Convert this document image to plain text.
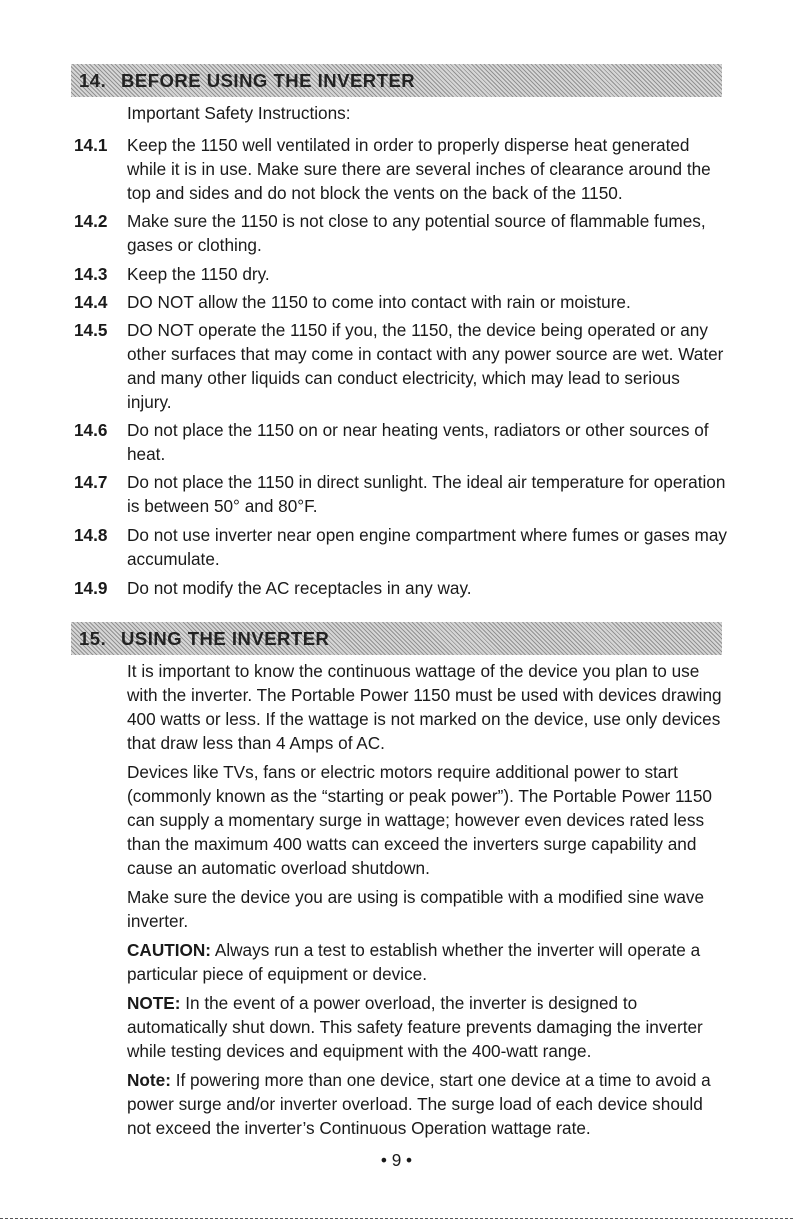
14. BEFORE USING THE INVERTER
Important Safety Instructions:
14.1 Keep the 1150 well ventilated in order to properly disperse heat generated while it is in use. Make sure there are several inches of clearance around the top and sides and do not block the vents on the back of the 1150.
14.2 Make sure the 1150 is not close to any potential source of flammable fumes, gases or clothing.
14.3 Keep the 1150 dry.
14.4 DO NOT allow the 1150 to come into contact with rain or moisture.
14.5 DO NOT operate the 1150 if you, the 1150, the device being operated or any other surfaces that may come in contact with any power source are wet. Water and many other liquids can conduct electricity, which may lead to serious injury.
14.6 Do not place the 1150 on or near heating vents, radiators or other sources of heat.
14.7 Do not place the 1150 in direct sunlight. The ideal air temperature for operation is between 50° and 80°F.
14.8 Do not use inverter near open engine compartment where fumes or gases may accumulate.
14.9 Do not modify the AC receptacles in any way.
15. USING THE INVERTER
It is important to know the continuous wattage of the device you plan to use with the inverter. The Portable Power 1150 must be used with devices drawing 400 watts or less. If the wattage is not marked on the device, use only devices that draw less than 4 Amps of AC.
Devices like TVs, fans or electric motors require additional power to start (commonly known as the “starting or peak power”). The Portable Power 1150 can supply a momentary surge in wattage; however even devices rated less than the maximum 400 watts can exceed the inverters surge capability and cause an automatic overload shutdown.
Make sure the device you are using is compatible with a modified sine wave inverter.
CAUTION: Always run a test to establish whether the inverter will operate a particular piece of equipment or device.
NOTE: In the event of a power overload, the inverter is designed to automatically shut down. This safety feature prevents damaging the inverter while testing devices and equipment with the 400-watt range.
Note: If powering more than one device, start one device at a time to avoid a power surge and/or inverter overload. The surge load of each device should not exceed the inverter’s Continuous Operation wattage rate.
• 9 •
